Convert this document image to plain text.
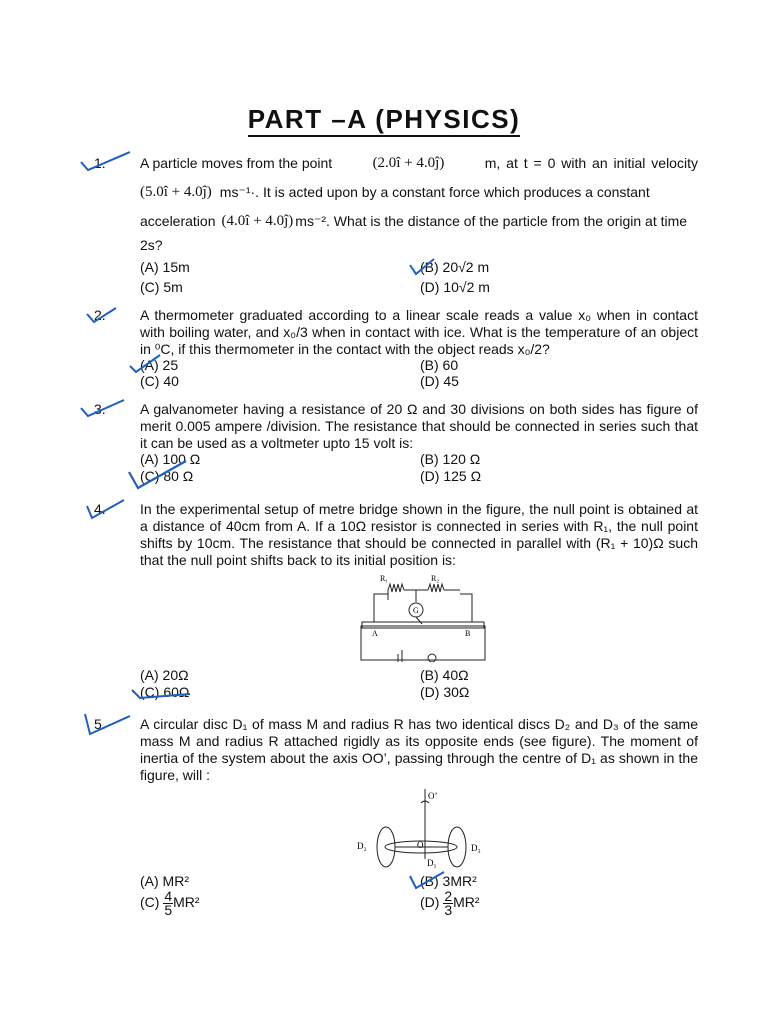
PART –A (PHYSICS)
1. A particle moves from the point	(2.0î + 4.0ĵ)	m, at t = 0 with an initial velocity
(5.0î + 4.0ĵ) ms⁻¹·. It is acted upon by a constant force which produces a constant
acceleration (4.0î + 4.0ĵ) ms⁻². What is the distance of the particle from the origin at time
2s?
(A) 15m	(B) 20√2 m
(C) 5m	(D) 10√2 m
2. A thermometer graduated according to a linear scale reads a value x₀ when in contact with boiling water, and x₀/3 when in contact with ice. What is the temperature of an object in ⁰C, if this thermometer in the contact with the object reads x₀/2?
(A) 25	(B) 60
(C) 40	(D) 45
3. A galvanometer having a resistance of 20 Ω and 30 divisions on both sides has figure of merit 0.005 ampere /division. The resistance that should be connected in series such that it can be used as a voltmeter upto 15 volt is:
(A) 100 Ω	(B) 120 Ω
(C) 80 Ω	(D) 125 Ω
4. In the experimental setup of metre bridge shown in the figure, the null point is obtained at a distance of 40cm from A. If a 10Ω resistor is connected in series with R₁, the null point shifts by 10cm. The resistance that should be connected in parallel with (R₁ + 10)Ω such that the null point shifts back to its initial position is:
R₁	R₂
G
A	B
(A) 20Ω	(B) 40Ω
(C) 60Ω	(D) 30Ω
5. A circular disc D₁ of mass M and radius R has two identical discs D₂ and D₃ of the same mass M and radius R attached rigidly as its opposite ends (see figure). The moment of inertia of the system about the axis OO’, passing through the centre of D₁ as shown in the figure, will :
O’
O
D₁
D₂	D₃
(A) MR²	(B) 3MR²
$(C) \frac{4}{5} MR^2$	$(D) \frac{2}{3} MR^2$
